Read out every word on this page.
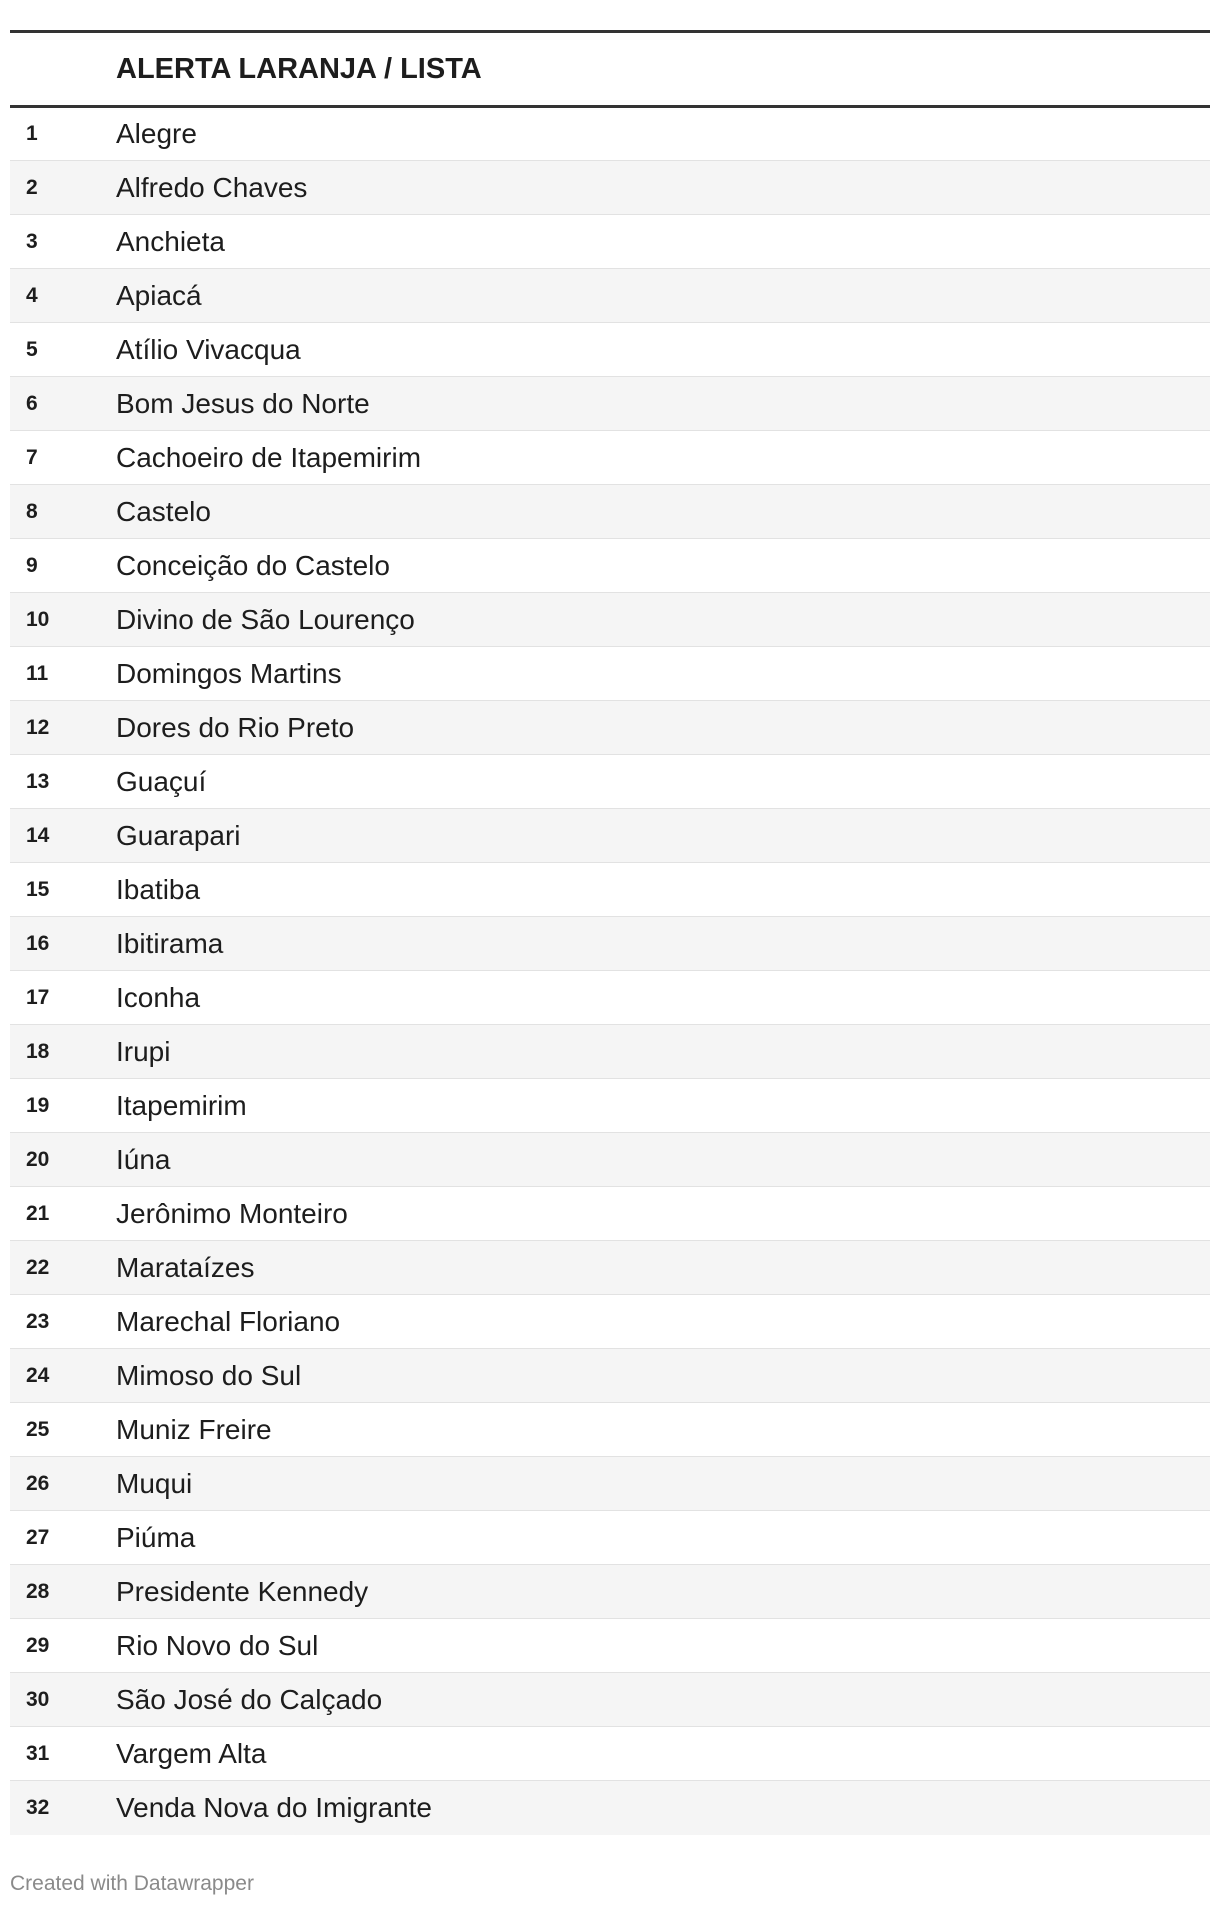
	ALERTA LARANJA / LISTA
1	Alegre
2	Alfredo Chaves
3	Anchieta
4	Apiacá
5	Atílio Vivacqua
6	Bom Jesus do Norte
7	Cachoeiro de Itapemirim
8	Castelo
9	Conceição do Castelo
10	Divino de São Lourenço
11	Domingos Martins
12	Dores do Rio Preto
13	Guaçuí
14	Guarapari
15	Ibatiba
16	Ibitirama
17	Iconha
18	Irupi
19	Itapemirim
20	Iúna
21	Jerônimo Monteiro
22	Marataízes
23	Marechal Floriano
24	Mimoso do Sul
25	Muniz Freire
26	Muqui
27	Piúma
28	Presidente Kennedy
29	Rio Novo do Sul
30	São José do Calçado
31	Vargem Alta
32	Venda Nova do Imigrante
Created with Datawrapper
